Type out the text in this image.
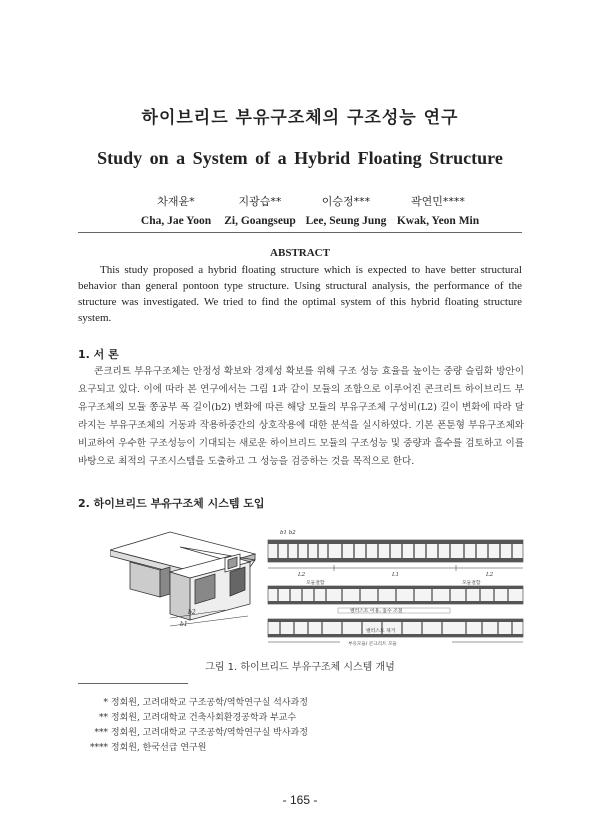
하이브리드 부유구조체의 구조성능 연구
Study on a System of a Hybrid Floating Structure
차재윤*
Cha, Jae Yoon
지광습**
Zi, Goangseup
이승정***
Lee, Seung Jung
곽연민****
Kwak, Yeon Min
ABSTRACT
This study proposed a hybrid floating structure which is expected to have better structural behavior than general pontoon type structure. Using structural analysis, the performance of the structure was investigated. We tried to find the optimal system of this hybrid floating structure system.
1. 서 론
콘크리트 부유구조체는 안정성 확보와 경제성 확보를 위해 구조 성능 효율을 높이는 중량 슬림화 방안이 요구되고 있다. 이에 따라 본 연구에서는 그림 1과 같이 모듈의 조합으로 이루어진 콘크리트 하이브리드 부유구조체의 모듈 쫑공부 폭 길이(b2) 변화에 따른 해당 모듈의 부유구조체 구성비(L2) 길이 변화에 따라 달라지는 부유구조체의 거동과 작용하중간의 상호작용에 대한 분석을 실시하였다. 기본 폰툰형 부유구조체와 비교하여 우수한 구조성능이 기대되는 새로운 하이브리드 모듈의 구조성능 및 중량과 흘수를 검토하고 이를 바탕으로 최적의 구조시스템을 도출하고 그 성능을 검증하는 것을 목적으로 한다.
2. 하이브리드 부유구조체 시스템 도입
b2
b1
b1 b2
L2	L1	L2
모듈결합	모듈결합
밸러스트 이용, 흘수 조절
밸러스트 제거
부유모듈/ 콘크리트 모듈
그림 1. 하이브리드 부유구조체 시스템 개념
* 정회원, 고려대학교 구조공학/역학연구실 석사과정
** 정회원, 고려대학교 건축사회환경공학과 부교수
*** 정회원, 고려대학교 구조공학/역학연구실 박사과정
**** 정회원, 한국선급 연구원
- 165 -
